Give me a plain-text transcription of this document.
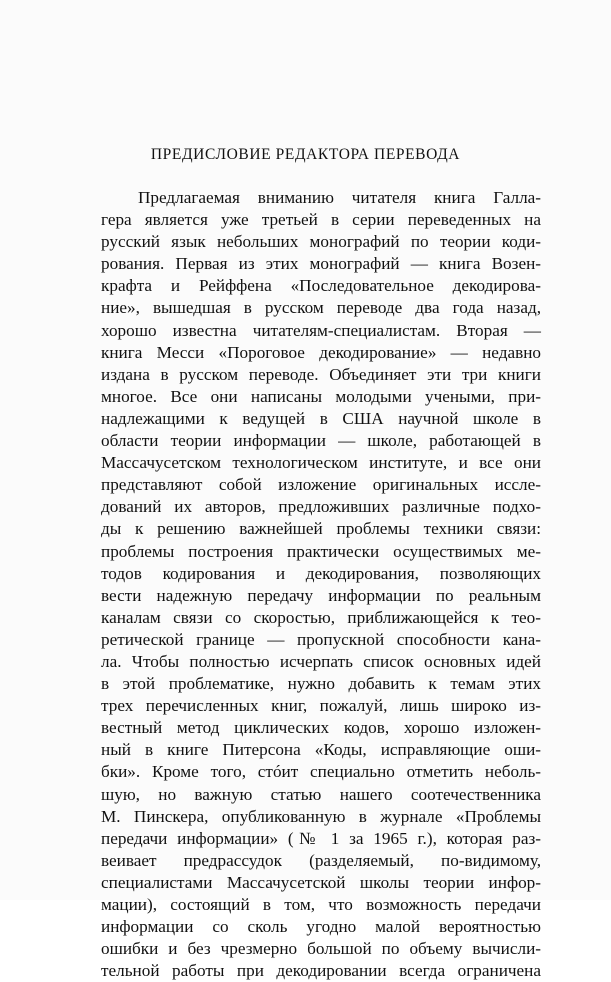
ПРЕДИСЛОВИЕ РЕДАКТОРА ПЕРЕВОДА
Предлагаемая вниманию читателя книга Галла-
гера является уже третьей в серии переведенных на
русский язык небольших монографий по теории коди-
рования. Первая из этих монографий — книга Возен-
крафта и Рейффена «Последовательное декодирова-
ние», вышедшая в русском переводе два года назад,
хорошо известна читателям-специалистам. Вторая —
книга Месси «Пороговое декодирование» — недавно
издана в русском переводе. Объединяет эти три книги
многое. Все они написаны молодыми учеными, при-
надлежащими к ведущей в США научной школе в
области теории информации — школе, работающей в
Массачусетском технологическом институте, и все они
представляют собой изложение оригинальных иссле-
дований их авторов, предложивших различные подхо-
ды к решению важнейшей проблемы техники связи:
проблемы построения практически осуществимых ме-
тодов кодирования и декодирования, позволяющих
вести надежную передачу информации по реальным
каналам связи со скоростью, приближающейся к тео-
ретической границе — пропускной способности кана-
ла. Чтобы полностью исчерпать список основных идей
в этой проблематике, нужно добавить к темам этих
трех перечисленных книг, пожалуй, лишь широко из-
вестный метод циклических кодов, хорошо изложен-
ный в книге Питерсона «Коды, исправляющие оши-
бки». Кроме того, стóит специально отметить неболь-
шую, но важную статью нашего соотечественника
М. Пинскера, опубликованную в журнале «Проблемы
передачи информации» (№ 1 за 1965 г.), которая раз-
веивает предрассудок (разделяемый, по-видимому,
специалистами Массачусетской школы теории инфор-
мации), состоящий в том, что возможность передачи
информации со сколь угодно малой вероятностью
ошибки и без чрезмерно большой по объему вычисли-
тельной работы при декодировании всегда ограничена
